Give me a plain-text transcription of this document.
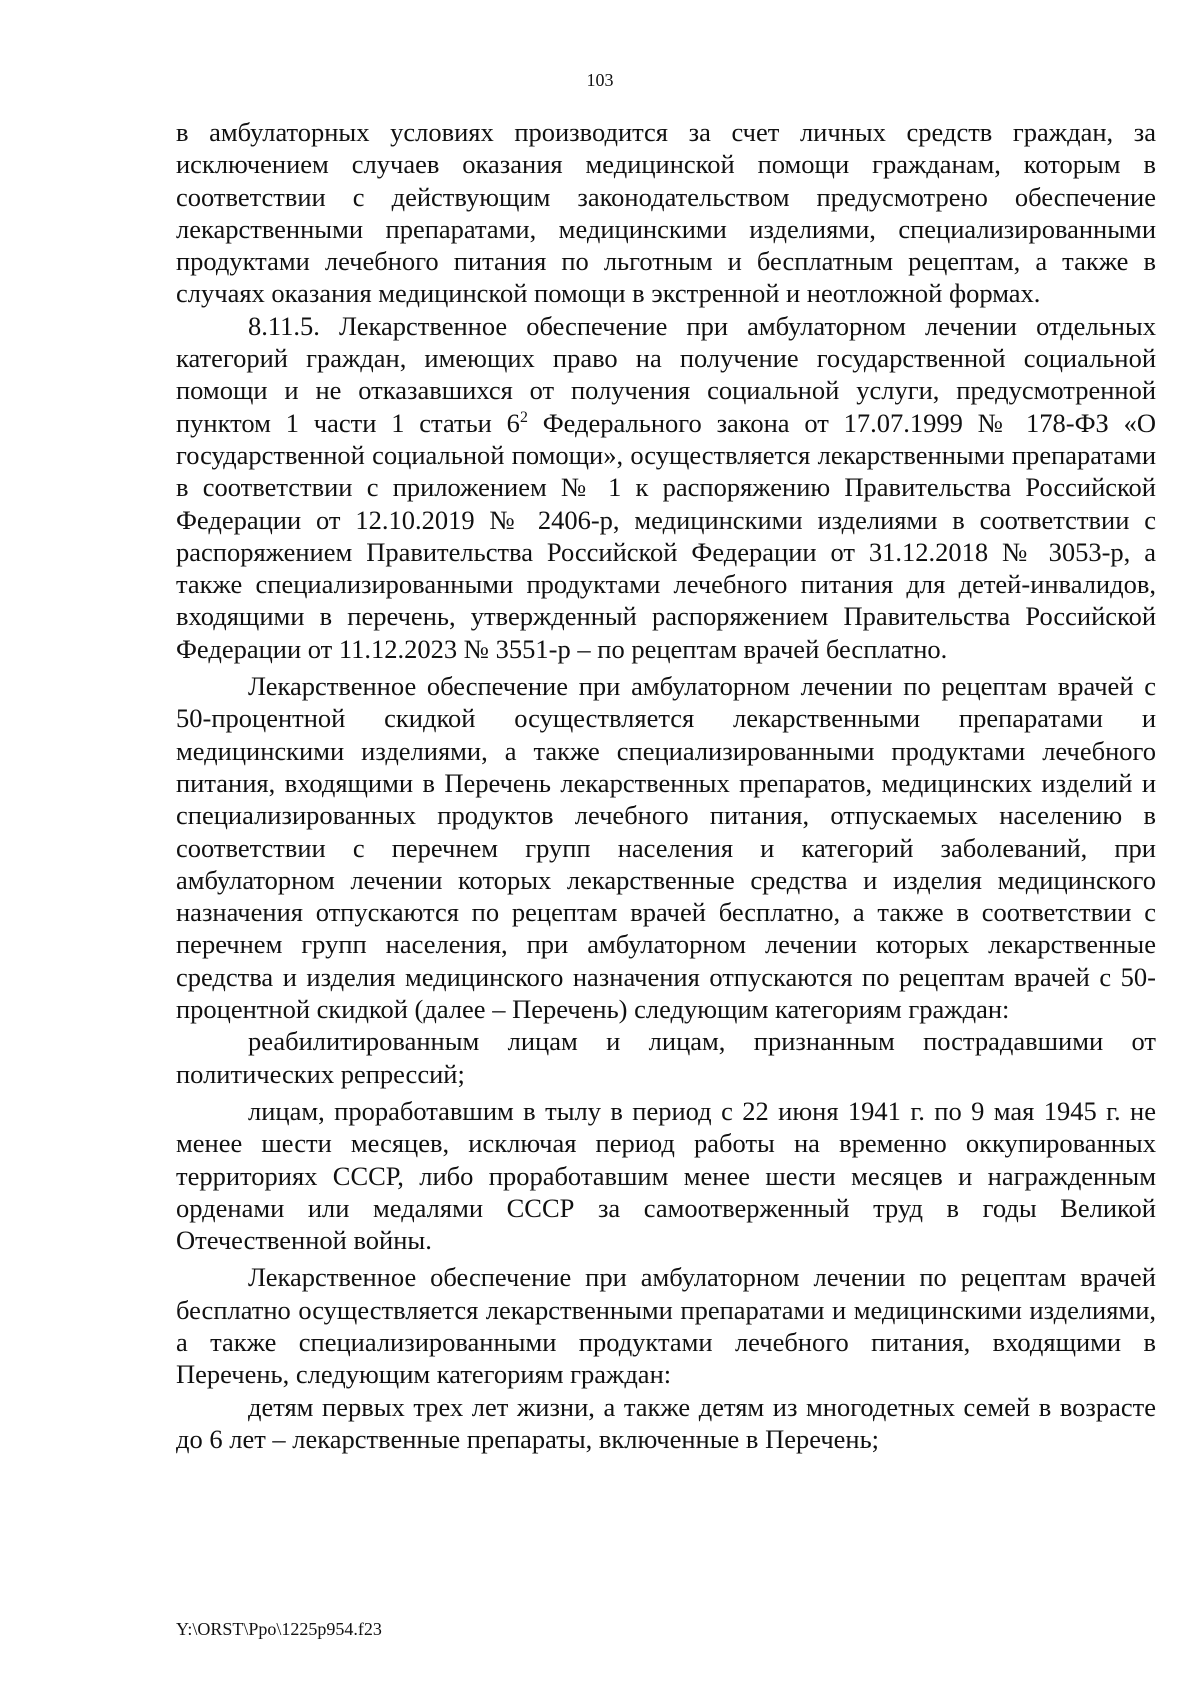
103

в амбулаторных условиях производится за счет личных средств граждан, за исключением случаев оказания медицинской помощи гражданам, которым в соответствии с действующим законодательством предусмотрено обеспечение лекарственными препаратами, медицинскими изделиями, специализированными продуктами лечебного питания по льготным и бесплатным рецептам, а также в случаях оказания медицинской помощи в экстренной и неотложной формах.

8.11.5. Лекарственное обеспечение при амбулаторном лечении отдельных категорий граждан, имеющих право на получение государственной социальной помощи и не отказавшихся от получения социальной услуги, предусмотренной пунктом 1 части 1 статьи $6^2$ Федерального закона от 17.07.1999 № 178-ФЗ «О государственной социальной помощи», осуществляется лекарственными препаратами в соответствии с приложением № 1 к распоряжению Правительства Российской Федерации от 12.10.2019 № 2406-р, медицинскими изделиями в соответствии с распоряжением Правительства Российской Федерации от 31.12.2018 № 3053-р, а также специализированными продуктами лечебного питания для детей-инвалидов, входящими в перечень, утвержденный распоряжением Правительства Российской Федерации от 11.12.2023 № 3551-р – по рецептам врачей бесплатно.

Лекарственное обеспечение при амбулаторном лечении по рецептам врачей с 50-процентной скидкой осуществляется лекарственными препаратами и медицинскими изделиями, а также специализированными продуктами лечебного питания, входящими в Перечень лекарственных препаратов, медицинских изделий и специализированных продуктов лечебного питания, отпускаемых населению в соответствии с перечнем групп населения и категорий заболеваний, при амбулаторном лечении которых лекарственные средства и изделия медицинского назначения отпускаются по рецептам врачей бесплатно, а также в соответствии с перечнем групп населения, при амбулаторном лечении которых лекарственные средства и изделия медицинского назначения отпускаются по рецептам врачей с 50-процентной скидкой (далее – Перечень) следующим категориям граждан:

реабилитированным лицам и лицам, признанным пострадавшими от политических репрессий;

лицам, проработавшим в тылу в период с 22 июня 1941 г. по 9 мая 1945 г. не менее шести месяцев, исключая период работы на временно оккупированных территориях СССР, либо проработавшим менее шести месяцев и награжденным орденами или медалями СССР за самоотверженный труд в годы Великой Отечественной войны.

Лекарственное обеспечение при амбулаторном лечении по рецептам врачей бесплатно осуществляется лекарственными препаратами и медицинскими изделиями, а также специализированными продуктами лечебного питания, входящими в Перечень, следующим категориям граждан:

детям первых трех лет жизни, а также детям из многодетных семей в возрасте до 6 лет – лекарственные препараты, включенные в Перечень;

Y:\ORST\Ppo\1225p954.f23
